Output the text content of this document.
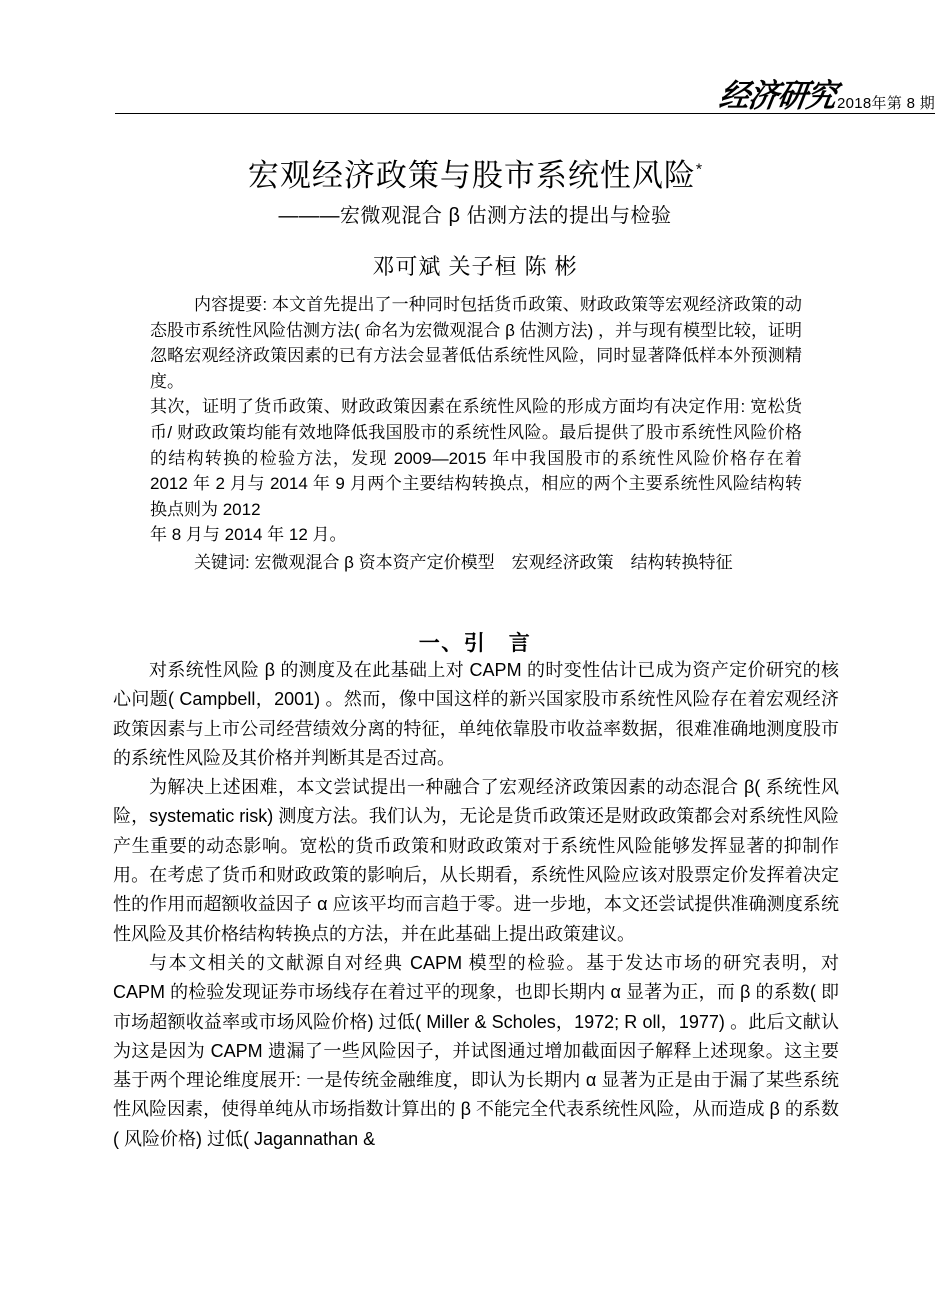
经济研究
2018年第 8 期
宏观经济政策与股市系统性风险*
———宏微观混合 β 估测方法的提出与检验
邓可斌 关子桓 陈 彬

内容提要: 本文首先提出了一种同时包括货币政策、财政政策等宏观经济政策的动态股市系统性风险估测方法( 命名为宏微观混合 β 估测方法) ，并与现有模型比较，证明忽略宏观经济政策因素的已有方法会显著低估系统性风险，同时显著降低样本外预测精度。

其次，证明了货币政策、财政政策因素在系统性风险的形成方面均有决定作用: 宽松货币/ 财政政策均能有效地降低我国股市的系统性风险。最后提供了股市系统性风险价格的结构转换的检验方法，发现 2009—2015 年中我国股市的系统性风险价格存在着 2012 年 2 月与 2014 年 9 月两个主要结构转换点，相应的两个主要系统性风险结构转换点则为 2012

年 8 月与 2014 年 12 月。

关键词: 宏微观混合 β 资本资产定价模型　宏观经济政策　结构转换特征

一、引　言

对系统性风险 β 的测度及在此基础上对 CAPM 的时变性估计已成为资产定价研究的核心问题( Campbell，2001) 。然而，像中国这样的新兴国家股市系统性风险存在着宏观经济政策因素与上市公司经营绩效分离的特征，单纯依靠股市收益率数据，很难准确地测度股市的系统性风险及其价格并判断其是否过高。

为解决上述困难，本文尝试提出一种融合了宏观经济政策因素的动态混合 β( 系统性风险，systematic risk) 测度方法。我们认为，无论是货币政策还是财政政策都会对系统性风险产生重要的动态影响。宽松的货币政策和财政政策对于系统性风险能够发挥显著的抑制作用。在考虑了货币和财政政策的影响后，从长期看，系统性风险应该对股票定价发挥着决定性的作用而超额收益因子 α 应该平均而言趋于零。进一步地，本文还尝试提供准确测度系统性风险及其价格结构转换点的方法，并在此基础上提出政策建议。

与本文相关的文献源自对经典 CAPM 模型的检验。基于发达市场的研究表明，对 CAPM 的检验发现证券市场线存在着过平的现象，也即长期内 α 显著为正，而 β 的系数( 即市场超额收益率或市场风险价格) 过低( Miller & Scholes，1972; R oll，1977) 。此后文献认为这是因为 CAPM 遗漏了一些风险因子，并试图通过增加截面因子解释上述现象。这主要基于两个理论维度展开: 一是传统金融维度，即认为长期内 α 显著为正是由于漏了某些系统性风险因素，使得单纯从市场指数计算出的 β 不能完全代表系统性风险，从而造成 β 的系数( 风险价格) 过低( Jagannathan &
